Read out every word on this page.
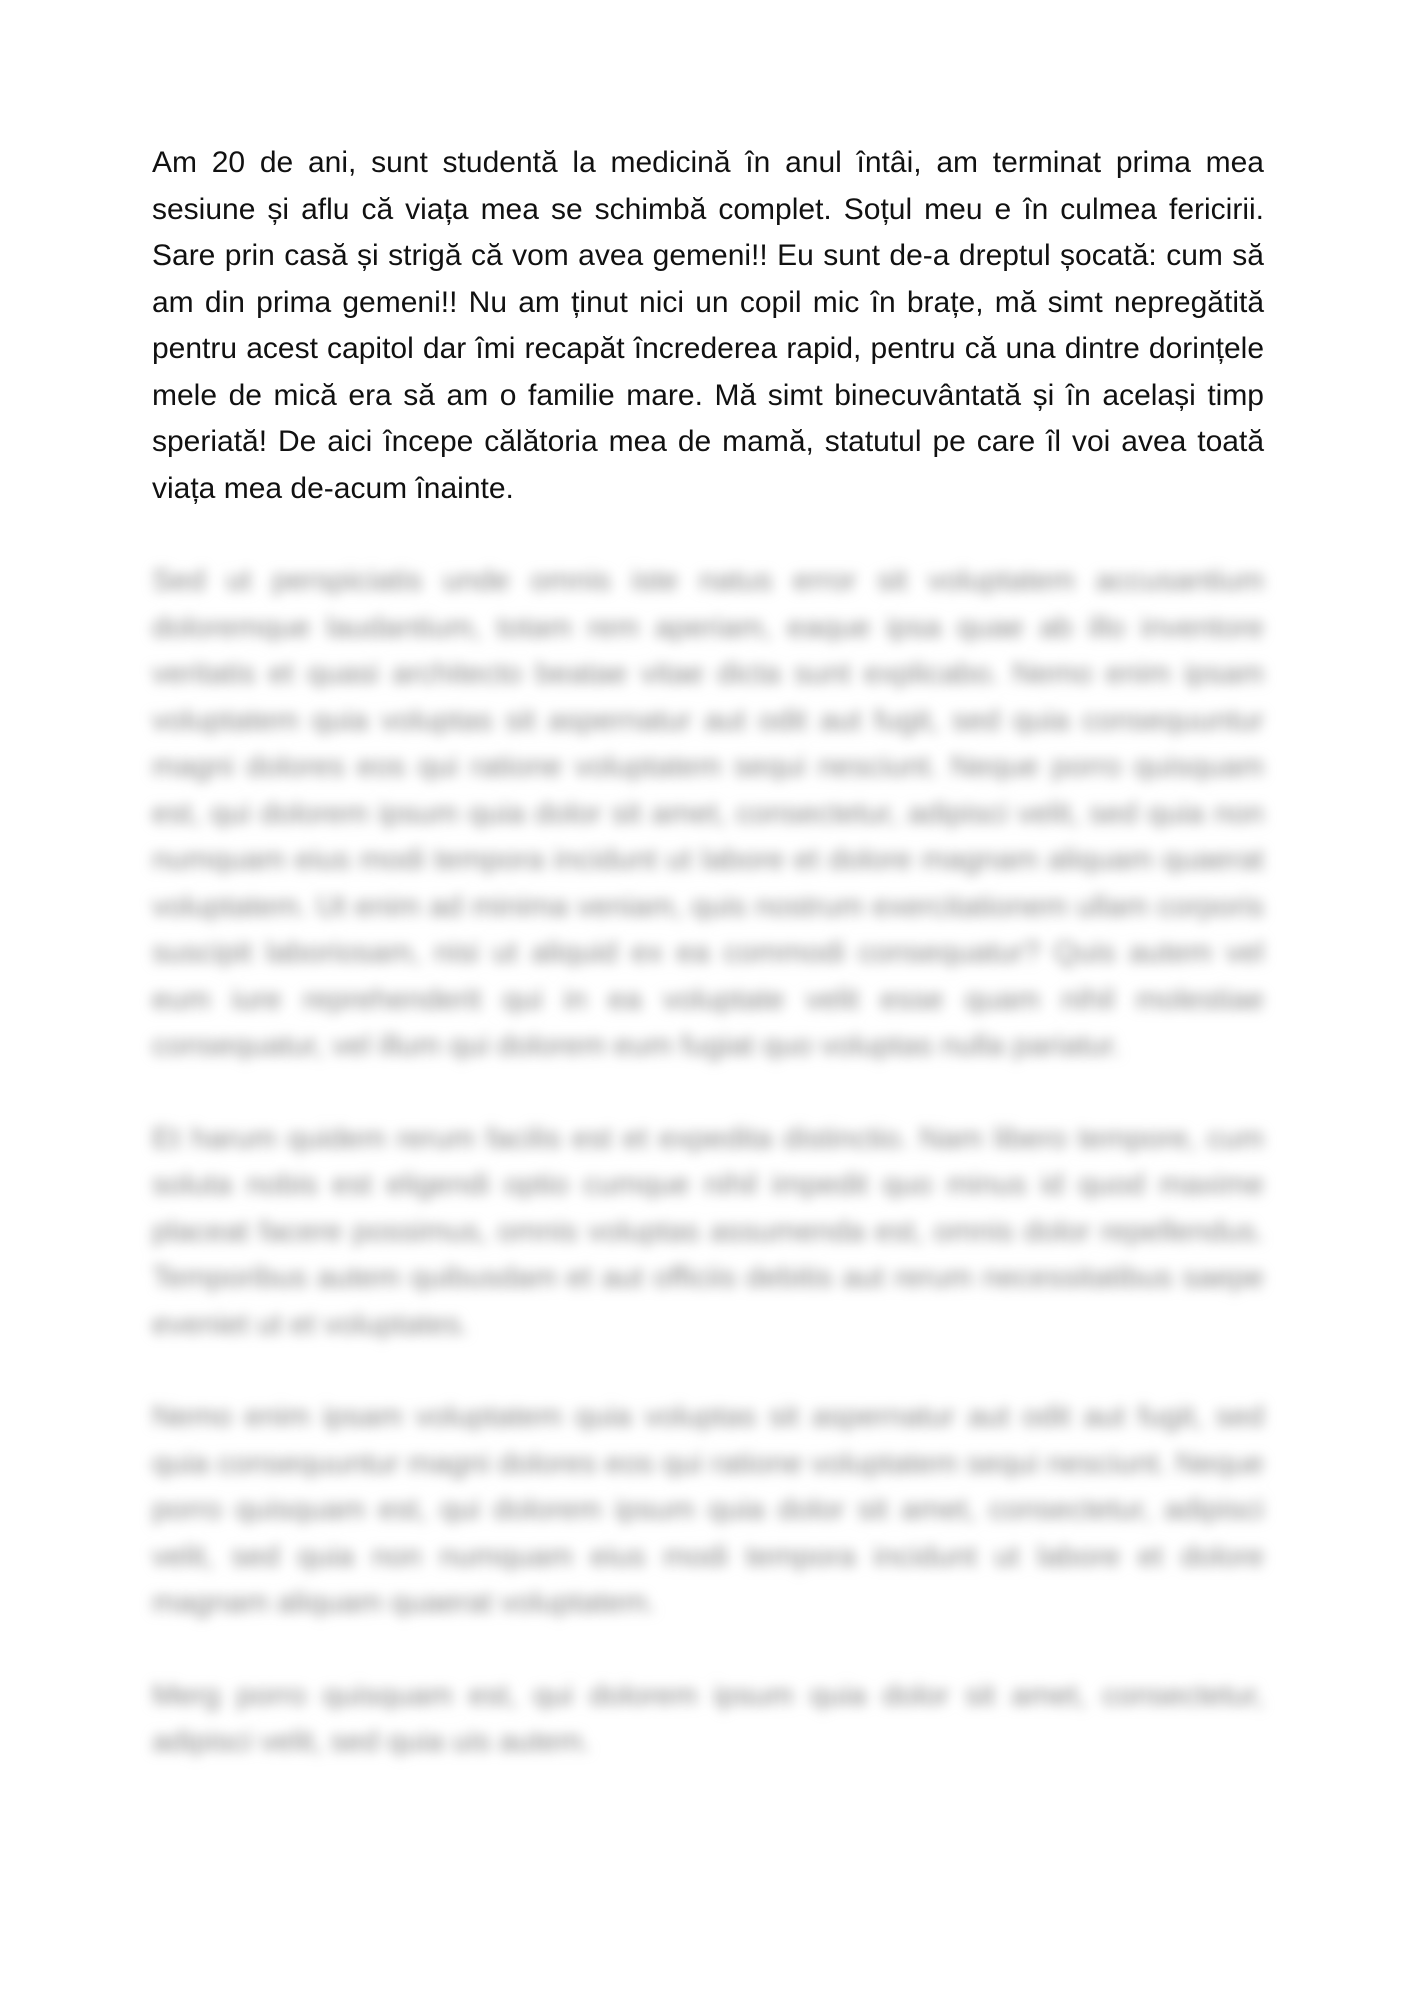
Am 20 de ani, sunt studentă la medicină în anul întâi, am terminat prima mea sesiune și aflu că viața mea se schimbă complet. Soțul meu e în culmea fericirii. Sare prin casă și strigă că vom avea gemeni!! Eu sunt de-a dreptul șocată: cum să am din prima gemeni!! Nu am ținut nici un copil mic în brațe, mă simt nepregătită pentru acest capitol dar îmi recapăt încrederea rapid, pentru că una dintre dorințele mele de mică era să am o familie mare. Mă simt binecuvântată și în același timp speriată! De aici începe călătoria mea de mamă, statutul pe care îl voi avea toată viața mea de-acum înainte.

Sed ut perspiciatis unde omnis iste natus error sit voluptatem accusantium doloremque laudantium, totam rem aperiam, eaque ipsa quae ab illo inventore veritatis et quasi architecto beatae vitae dicta sunt explicabo. Nemo enim ipsam voluptatem quia voluptas sit aspernatur aut odit aut fugit, sed quia consequuntur magni dolores eos qui ratione voluptatem sequi nesciunt. Neque porro quisquam est, qui dolorem ipsum quia dolor sit amet, consectetur, adipisci velit, sed quia non numquam eius modi tempora incidunt ut labore et dolore magnam aliquam quaerat voluptatem. Ut enim ad minima veniam, quis nostrum exercitationem ullam corporis suscipit laboriosam, nisi ut aliquid ex ea commodi consequatur? Quis autem vel eum iure reprehenderit qui in ea voluptate velit esse quam nihil molestiae consequatur, vel illum qui dolorem eum fugiat quo voluptas nulla pariatur.

Et harum quidem rerum facilis est et expedita distinctio. Nam libero tempore, cum soluta nobis est eligendi optio cumque nihil impedit quo minus id quod maxime placeat facere possimus, omnis voluptas assumenda est, omnis dolor repellendus. Temporibus autem quibusdam et aut officiis debitis aut rerum necessitatibus saepe eveniet ut et voluptates.

Nemo enim ipsam voluptatem quia voluptas sit aspernatur aut odit aut fugit, sed quia consequuntur magni dolores eos qui ratione voluptatem sequi nesciunt. Neque porro quisquam est, qui dolorem ipsum quia dolor sit amet, consectetur, adipisci velit, sed quia non numquam eius modi tempora incidunt ut labore et dolore magnam aliquam quaerat voluptatem.

Merg porro quisquam est, qui dolorem ipsum quia dolor sit amet, consectetur, adipisci velit, sed quia uis autem.
